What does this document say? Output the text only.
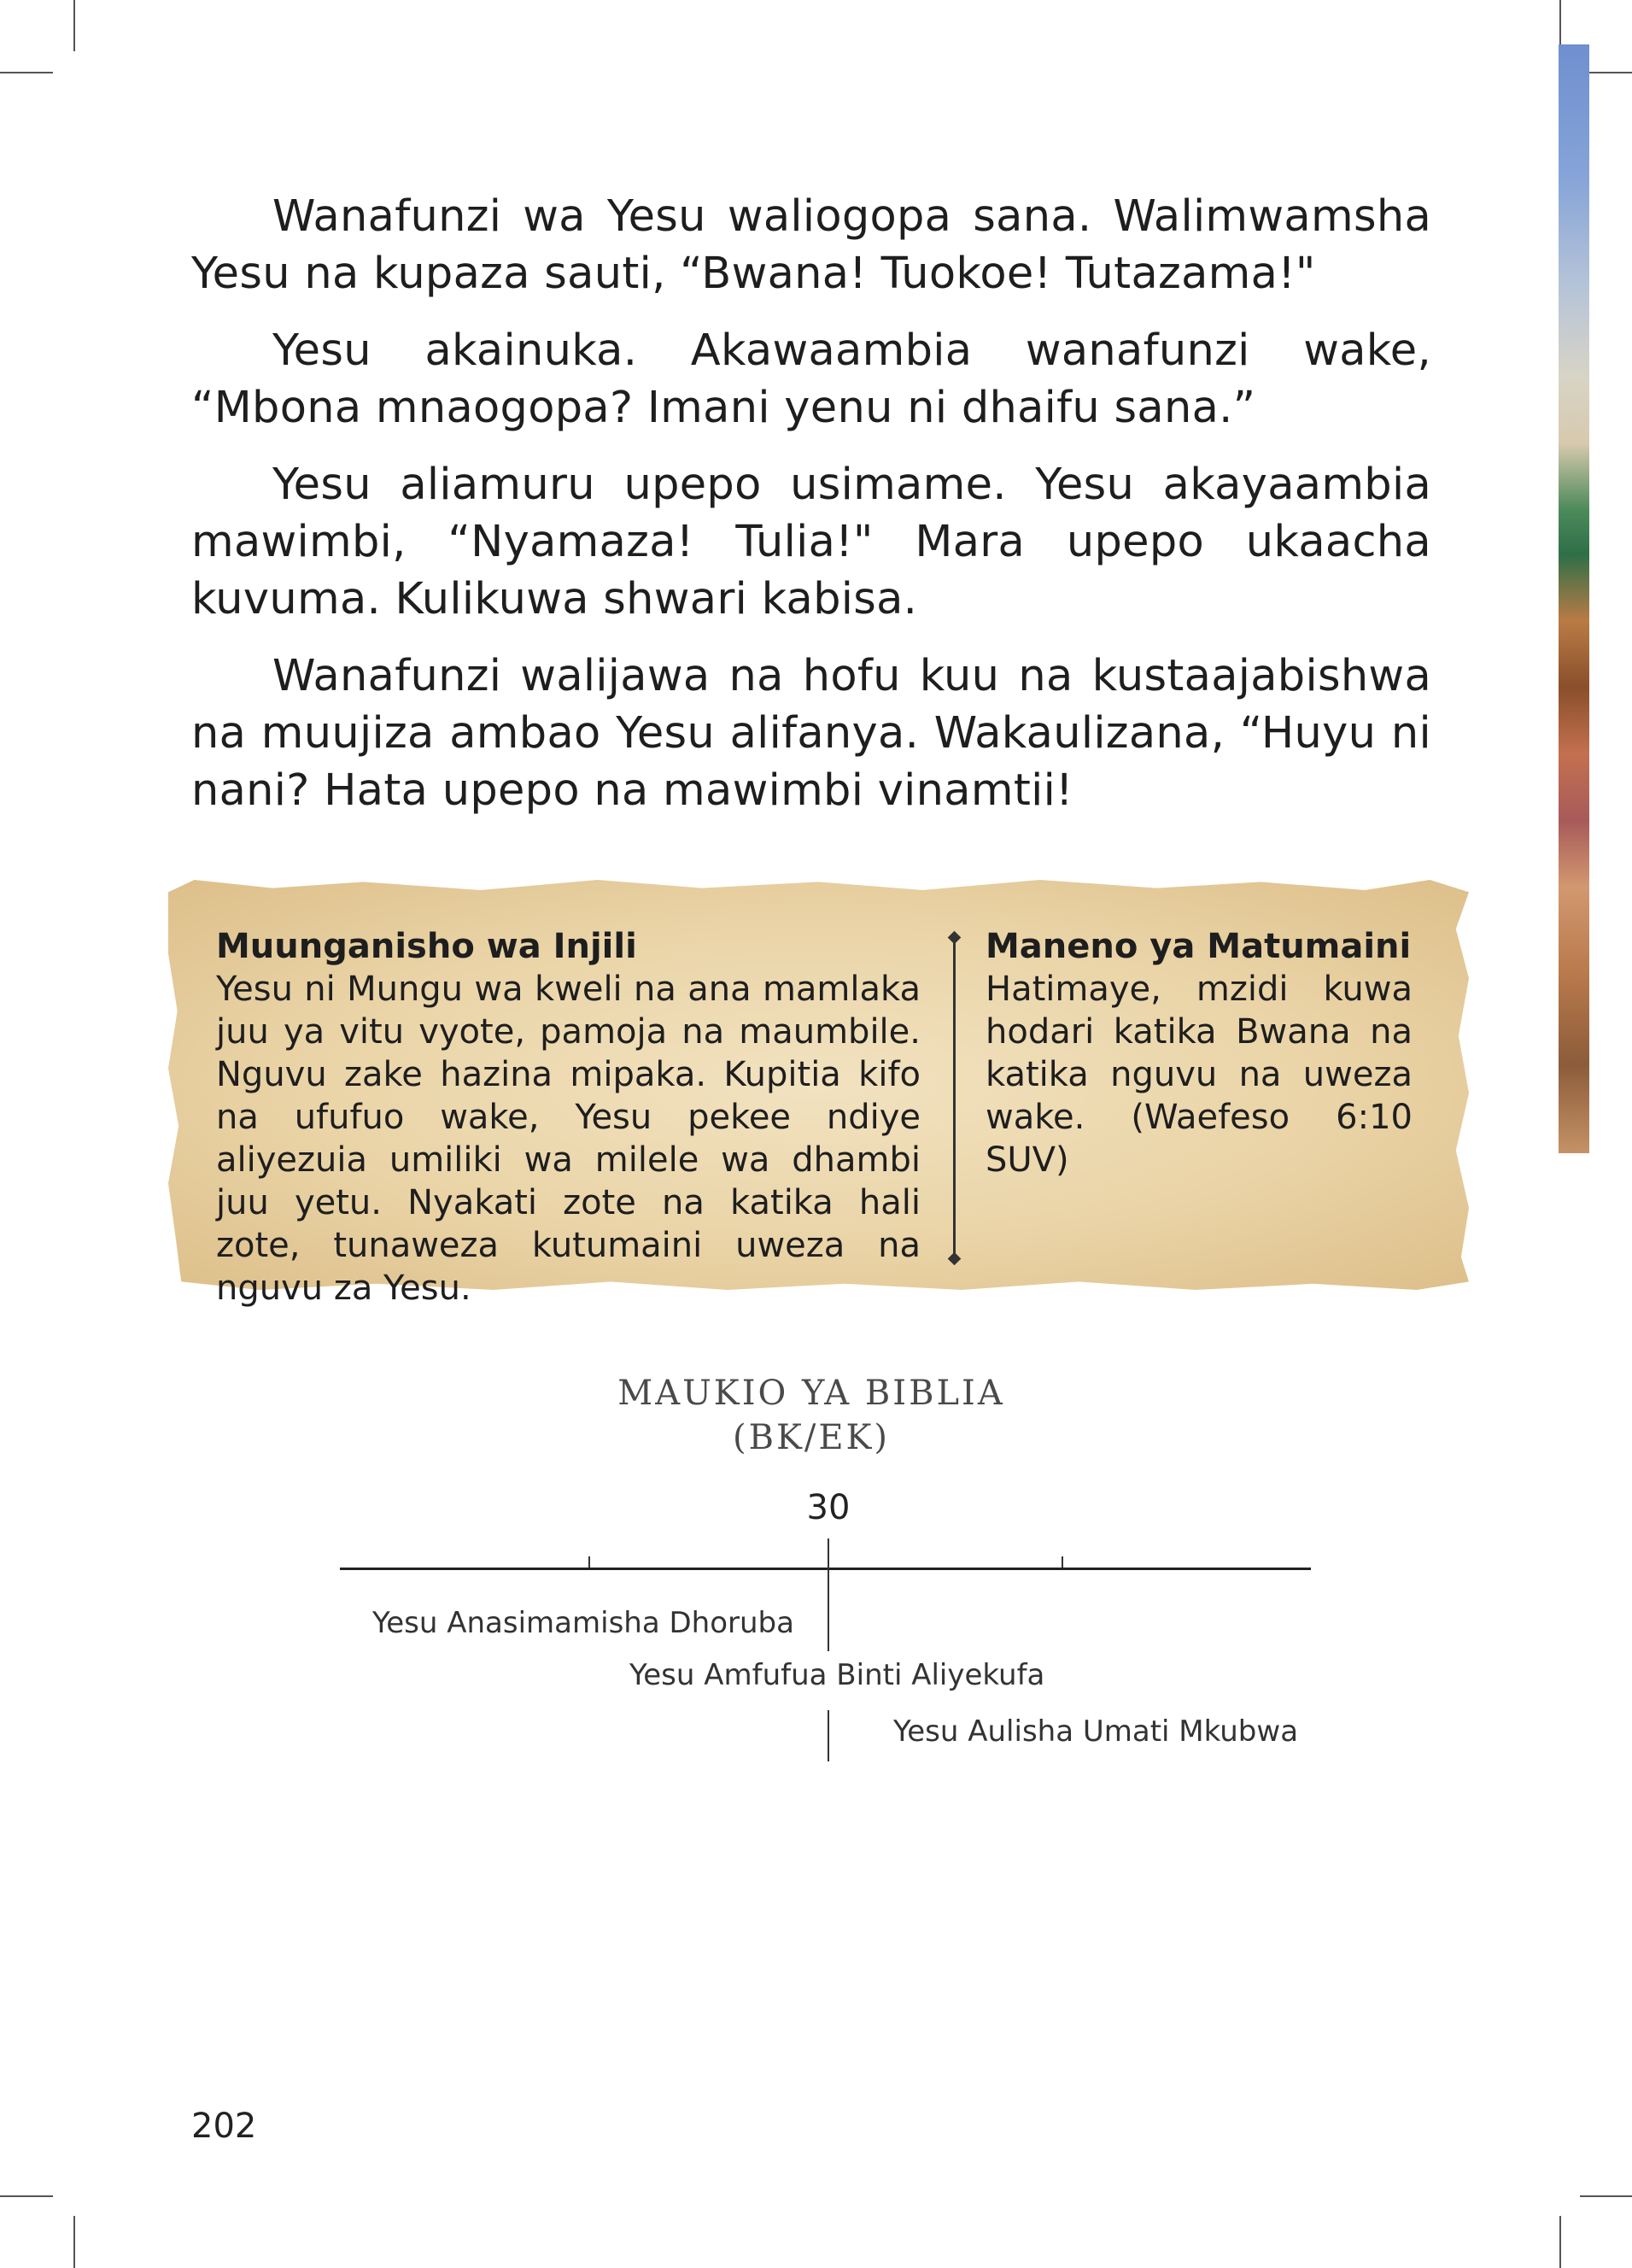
Wanafunzi wa Yesu waliogopa sana. Walimwamsha Yesu na kupaza sauti, “Bwana! Tuokoe! Tutazama!"

Yesu akainuka. Akawaambia wanafunzi wake, “Mbona mnaogopa? Imani yenu ni dhaifu sana.”

Yesu aliamuru upepo usimame. Yesu akayaambia mawimbi, “Nyamaza! Tulia!" Mara upepo ukaacha kuvuma. Kulikuwa shwari kabisa.

Wanafunzi walijawa na hofu kuu na kustaajabishwa na muujiza ambao Yesu alifanya. Wakaulizana, “Huyu ni nani? Hata upepo na mawimbi vinamtii!

Muunganisho wa Injili
Yesu ni Mungu wa kweli na ana mamlaka juu ya vitu vyote, pamoja na maumbile. Nguvu zake hazina mipaka. Kupitia kifo na ufufuo wake, Yesu pekee ndiye aliyezuia umiliki wa milele wa dhambi juu yetu. Nyakati zote na katika hali zote, tunaweza kutumaini uweza na nguvu za Yesu.
Maneno ya Matumaini
Hatimaye, mzidi kuwa hodari katika Bwana na katika nguvu na uweza wake. (Waefeso 6:10 SUV)
MAUKIO YA BIBLIA
(BK/EK)
30
Yesu Anasimamisha Dhoruba
Yesu Amfufua Binti Aliyekufa
Yesu Aulisha Umati Mkubwa
202
